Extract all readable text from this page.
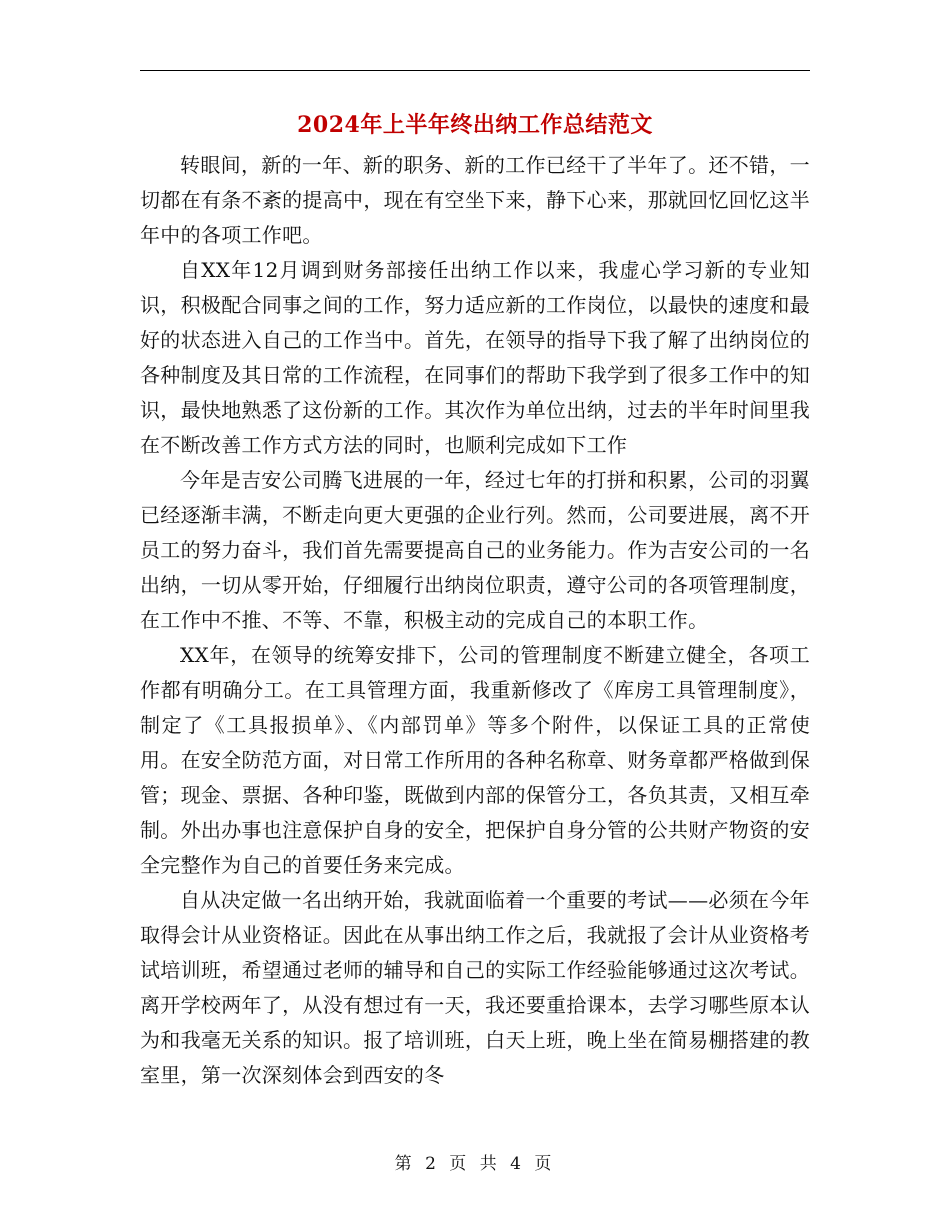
2024年上半年终出纳工作总结范文

转眼间，新的一年、新的职务、新的工作已经干了半年了。还不错，一切都在有条不紊的提高中，现在有空坐下来，静下心来，那就回忆回忆这半年中的各项工作吧。

自XX年12月调到财务部接任出纳工作以来，我虚心学习新的专业知识，积极配合同事之间的工作，努力适应新的工作岗位，以最快的速度和最好的状态进入自己的工作当中。首先，在领导的指导下我了解了出纳岗位的各种制度及其日常的工作流程，在同事们的帮助下我学到了很多工作中的知识，最快地熟悉了这份新的工作。其次作为单位出纳，过去的半年时间里我在不断改善工作方式方法的同时，也顺利完成如下工作

今年是吉安公司腾飞进展的一年，经过七年的打拼和积累，公司的羽翼已经逐渐丰满，不断走向更大更强的企业行列。然而，公司要进展，离不开员工的努力奋斗，我们首先需要提高自己的业务能力。作为吉安公司的一名出纳，一切从零开始，仔细履行出纳岗位职责，遵守公司的各项管理制度，在工作中不推、不等、不靠，积极主动的完成自己的本职工作。

XX年，在领导的统筹安排下，公司的管理制度不断建立健全，各项工作都有明确分工。在工具管理方面，我重新修改了《库房工具管理制度》，制定了《工具报损单》、《内部罚单》等多个附件，以保证工具的正常使用。在安全防范方面，对日常工作所用的各种名称章、财务章都严格做到保管；现金、票据、各种印鉴，既做到内部的保管分工，各负其责，又相互牵制。外出办事也注意保护自身的安全，把保护自身分管的公共财产物资的安全完整作为自己的首要任务来完成。

自从决定做一名出纳开始，我就面临着一个重要的考试——必须在今年取得会计从业资格证。因此在从事出纳工作之后，我就报了会计从业资格考试培训班，希望通过老师的辅导和自己的实际工作经验能够通过这次考试。离开学校两年了，从没有想过有一天，我还要重拾课本，去学习哪些原本认为和我毫无关系的知识。报了培训班，白天上班，晚上坐在简易棚搭建的教室里，第一次深刻体会到西安的冬

第 2 页 共 4 页
